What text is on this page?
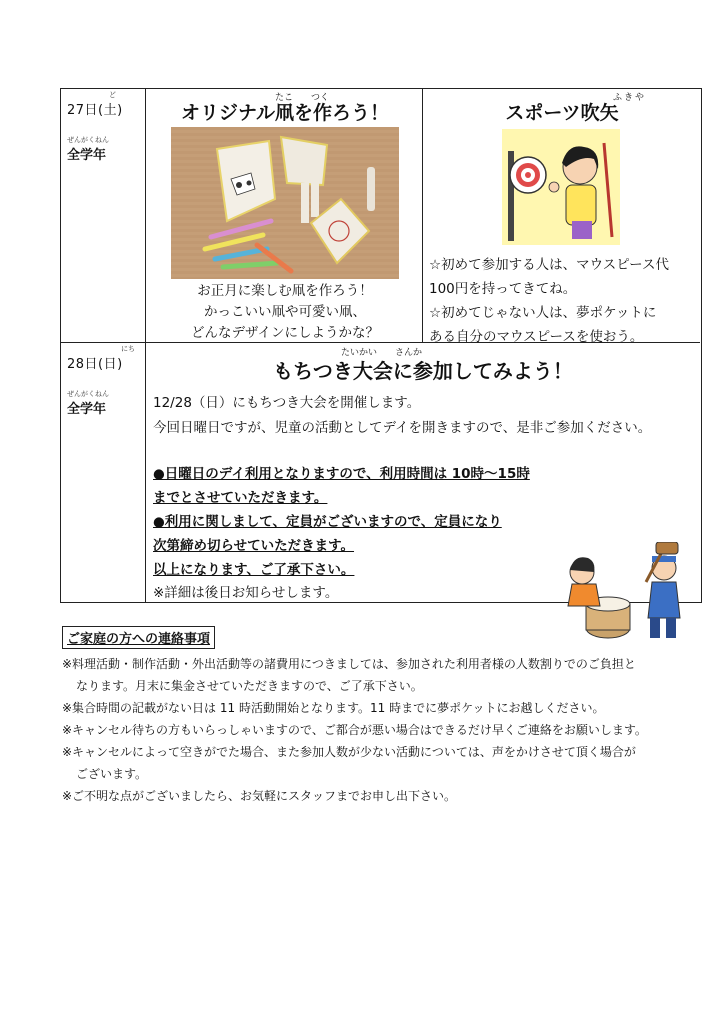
ど
27日(土)
ぜんがくねん
全学年
たこ　　つく
オリジナル凧を作ろう！
お正月に楽しむ凧を作ろう！
かっこいい凧や可愛い凧、
どんなデザインにしようかな？
ふきや
スポーツ吹矢
☆初めて参加する人は、マウスピース代
100円を持ってきてね。
☆初めてじゃない人は、夢ポケットに
ある自分のマウスピースを使おう。
にち
28日(日)
ぜんがくねん
全学年
たいかい　　さんか
もちつき大会に参加してみよう！
12/28（日）にもちつき大会を開催します。
今回日曜日ですが、児童の活動としてデイを開きますので、是非ご参加ください。
●日曜日のデイ利用となりますので、利用時間は 10時～15時
までとさせていただきます。
●利用に関しまして、定員がございますので、定員になり
次第締め切らせていただきます。
以上になります、ご了承下さい。
※詳細は後日お知らせします。
ご家庭の方への連絡事項
※料理活動・制作活動・外出活動等の諸費用につきましては、参加された利用者様の人数割りでのご負担と
なります。月末に集金させていただきますので、ご了承下さい。
※集合時間の記載がない日は 11 時活動開始となります。11 時までに夢ポケットにお越しください。
※キャンセル待ちの方もいらっしゃいますので、ご都合が悪い場合はできるだけ早くご連絡をお願いします。
※キャンセルによって空きがでた場合、また参加人数が少ない活動については、声をかけさせて頂く場合が
ございます。
※ご不明な点がございましたら、お気軽にスタッフまでお申し出下さい。
